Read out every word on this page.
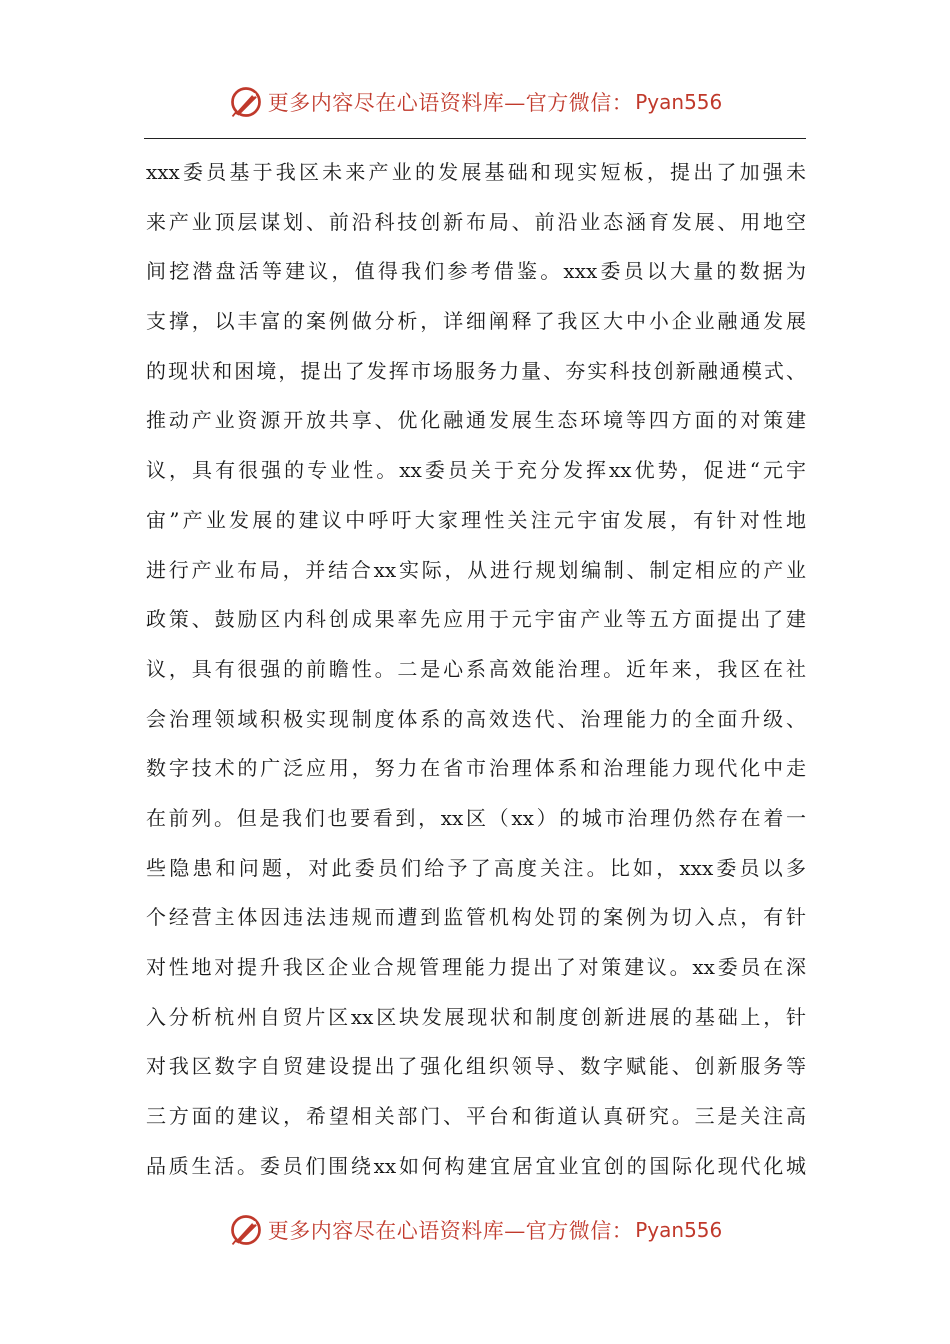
更多内容尽在心语资料库—官方微信： Pyan556
xxx委员基于我区未来产业的发展基础和现实短板，提出了加强未
来产业顶层谋划、前沿科技创新布局、前沿业态涵育发展、用地空
间挖潜盘活等建议，值得我们参考借鉴。xxx委员以大量的数据为
支撑，以丰富的案例做分析，详细阐释了我区大中小企业融通发展
的现状和困境，提出了发挥市场服务力量、夯实科技创新融通模式、
推动产业资源开放共享、优化融通发展生态环境等四方面的对策建
议，具有很强的专业性。xx委员关于充分发挥xx优势，促进“元宇
宙”产业发展的建议中呼吁大家理性关注元宇宙发展，有针对性地
进行产业布局，并结合xx实际，从进行规划编制、制定相应的产业
政策、鼓励区内科创成果率先应用于元宇宙产业等五方面提出了建
议，具有很强的前瞻性。二是心系高效能治理。近年来，我区在社
会治理领域积极实现制度体系的高效迭代、治理能力的全面升级、
数字技术的广泛应用，努力在省市治理体系和治理能力现代化中走
在前列。但是我们也要看到，xx区（xx）的城市治理仍然存在着一
些隐患和问题，对此委员们给予了高度关注。比如，xxx委员以多
个经营主体因违法违规而遭到监管机构处罚的案例为切入点，有针
对性地对提升我区企业合规管理能力提出了对策建议。xx委员在深
入分析杭州自贸片区xx区块发展现状和制度创新进展的基础上，针
对我区数字自贸建设提出了强化组织领导、数字赋能、创新服务等
三方面的建议，希望相关部门、平台和街道认真研究。三是关注高
品质生活。委员们围绕xx如何构建宜居宜业宜创的国际化现代化城
更多内容尽在心语资料库—官方微信： Pyan556
